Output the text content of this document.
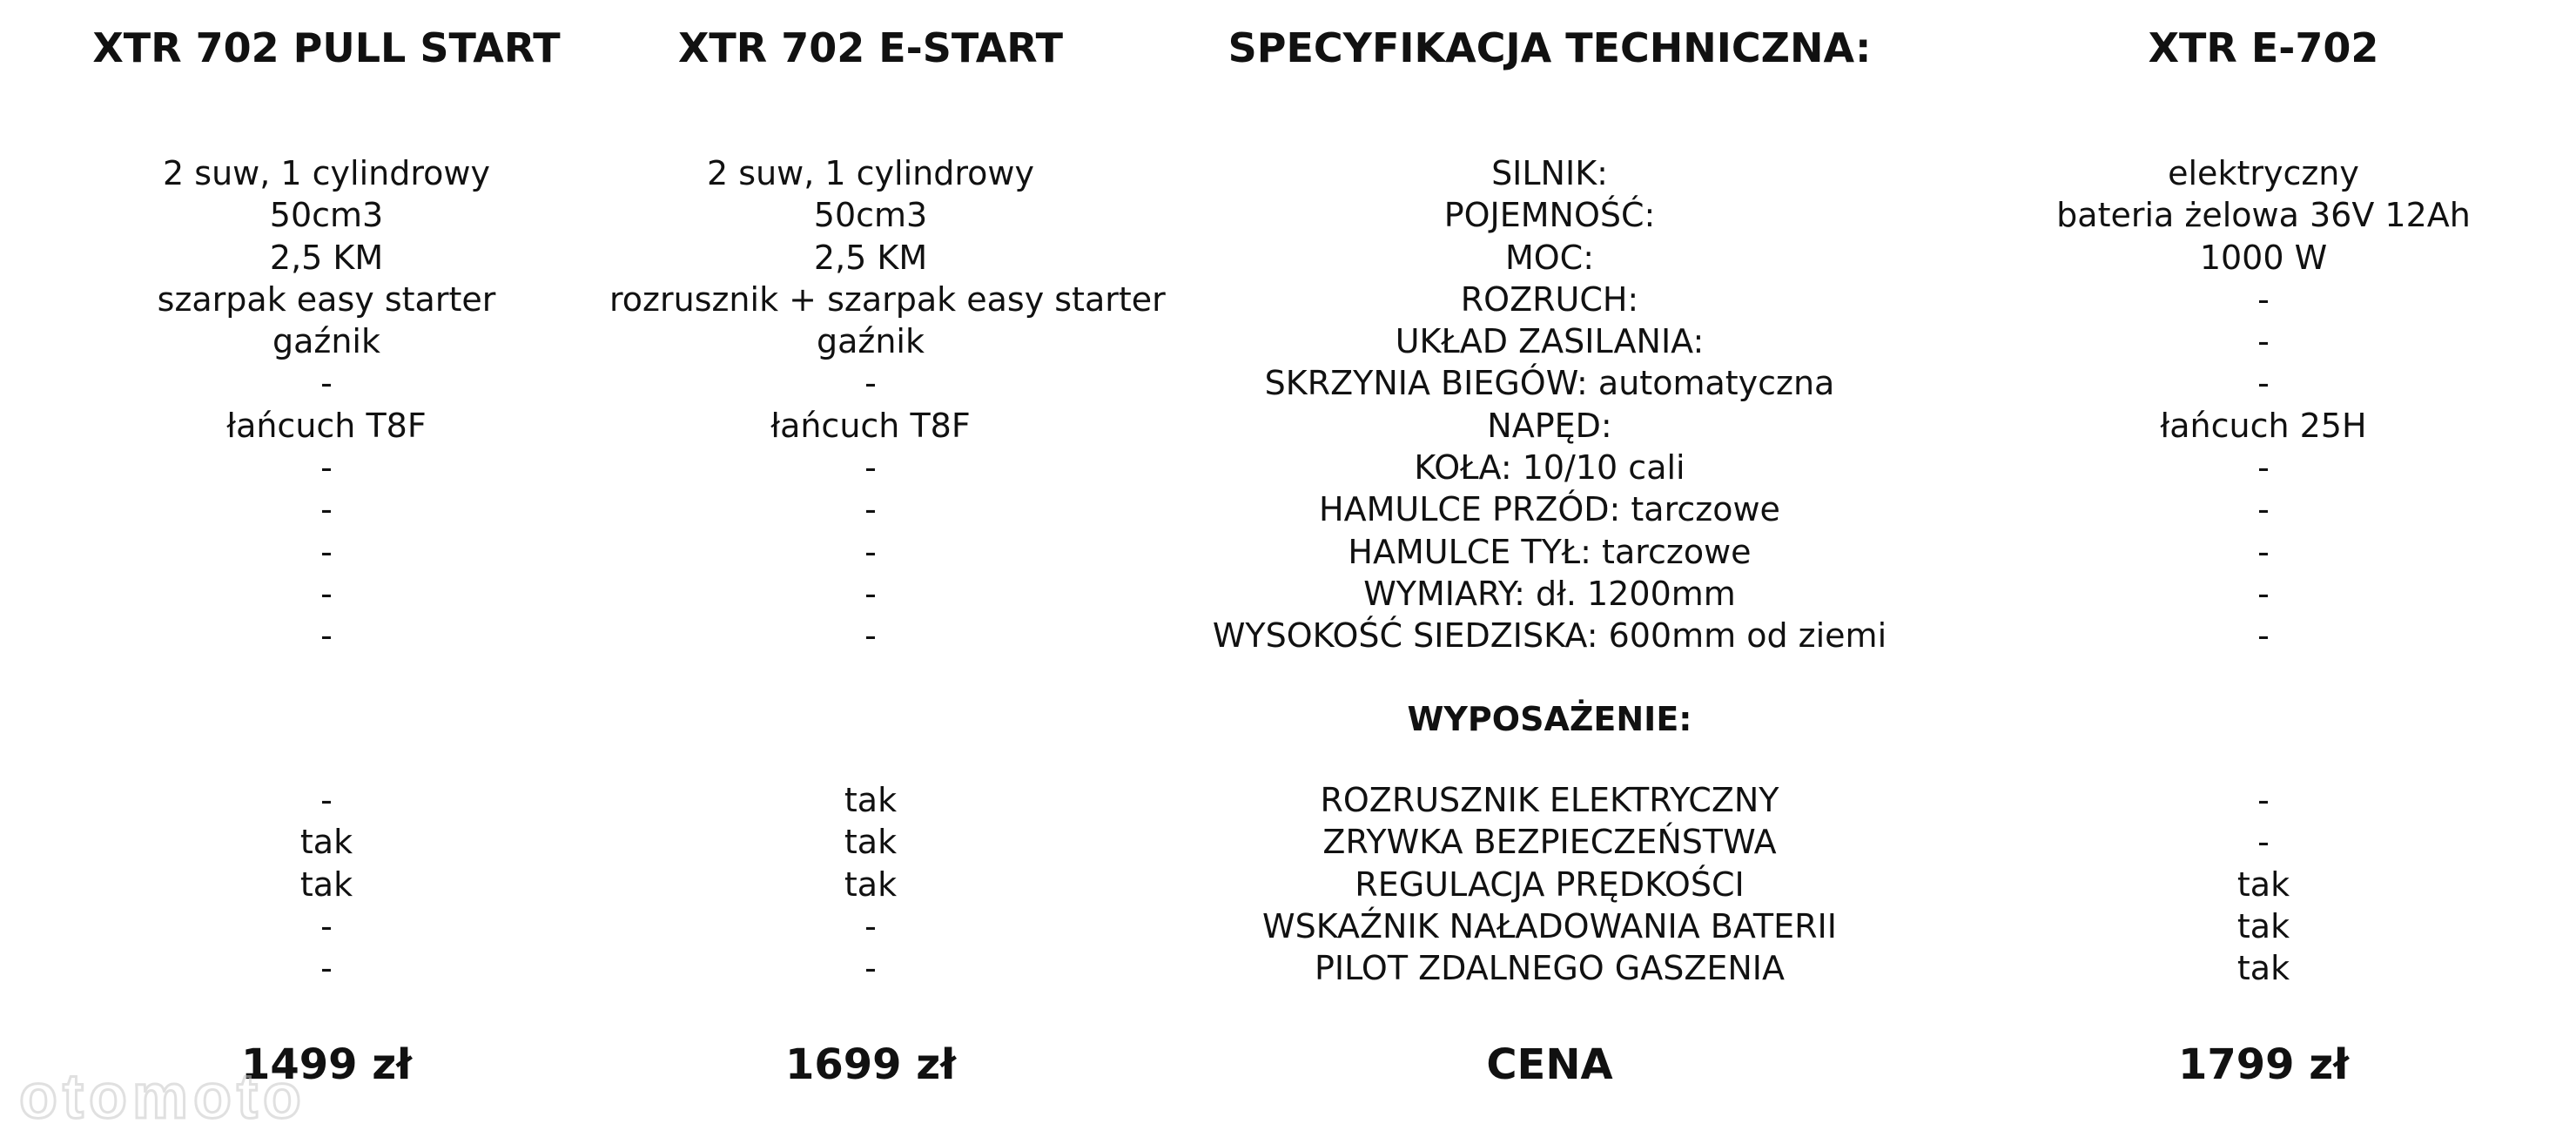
XTR 702 PULL START
2 suw, 1 cylindrowy
50cm3
2,5 KM
szarpak easy starter
gaźnik
-
łańcuch T8F
-
-
-
-
-
-
tak
tak
-
-
1499 zł
XTR 702 E-START
2 suw, 1 cylindrowy
50cm3
2,5 KM
rozrusznik + szarpak easy starter
gaźnik
-
łańcuch T8F
-
-
-
-
-
tak
tak
tak
-
-
1699 zł
SPECYFIKACJA TECHNICZNA:
SILNIK:
POJEMNOŚĆ:
MOC:
ROZRUCH:
UKŁAD ZASILANIA:
SKRZYNIA BIEGÓW: automatyczna
NAPĘD:
KOŁA: 10/10 cali
HAMULCE PRZÓD: tarczowe
HAMULCE TYŁ: tarczowe
WYMIARY: dł. 1200mm
WYSOKOŚĆ SIEDZISKA: 600mm od ziemi
WYPOSAŻENIE:
ROZRUSZNIK ELEKTRYCZNY
ZRYWKA BEZPIECZEŃSTWA
REGULACJA PRĘDKOŚCI
WSKAŹNIK NAŁADOWANIA BATERII
PILOT ZDALNEGO GASZENIA
CENA
XTR E-702
elektryczny
bateria żelowa 36V 12Ah
1000 W
-
-
-
łańcuch 25H
-
-
-
-
-
-
-
tak
tak
tak
1799 zł
otomoto
